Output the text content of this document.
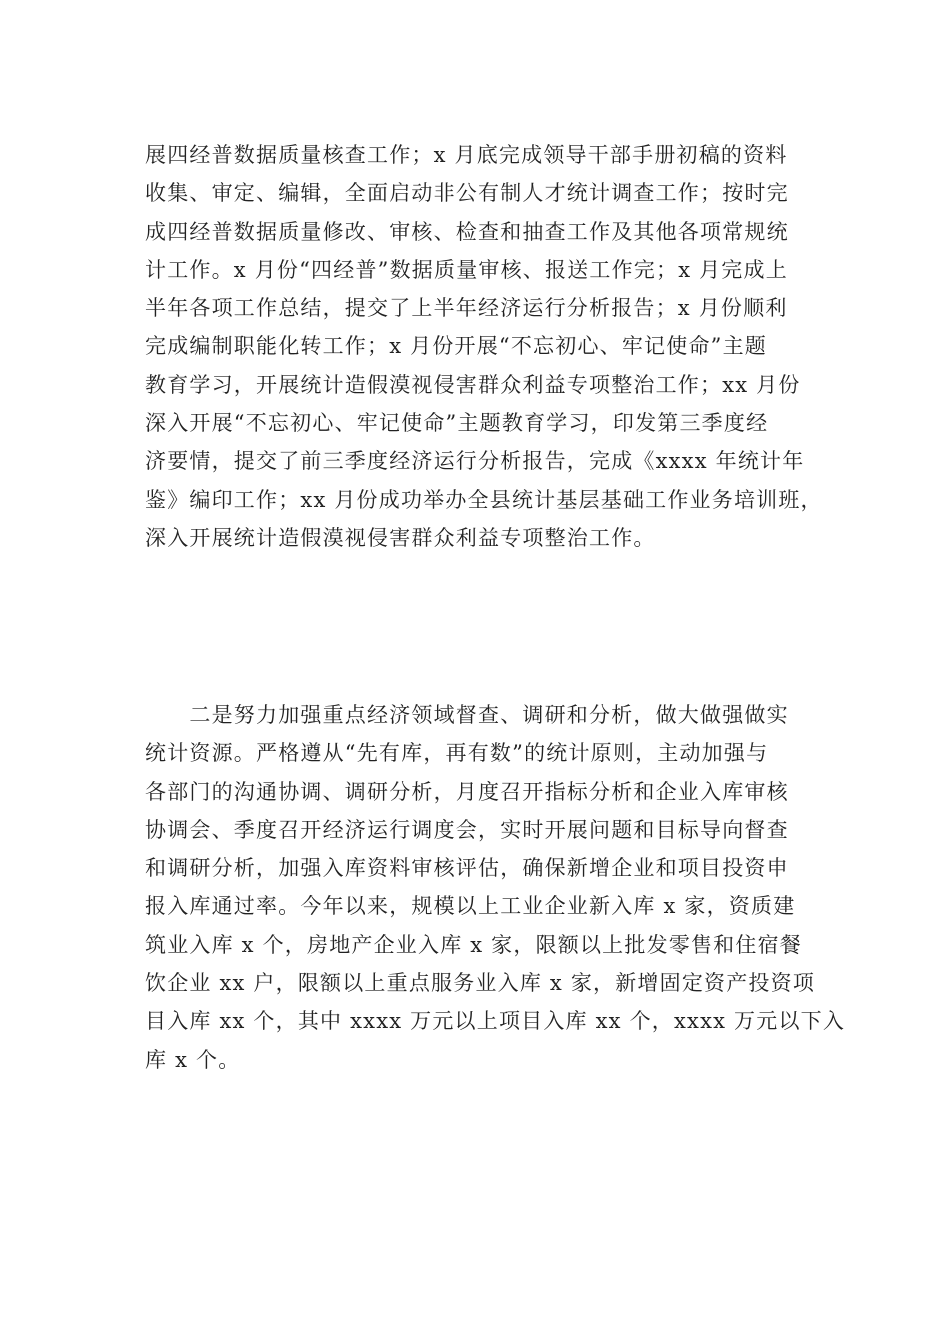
展四经普数据质量核查工作；x 月底完成领导干部手册初稿的资料
收集、审定、编辑，全面启动非公有制人才统计调查工作；按时完
成四经普数据质量修改、审核、检查和抽查工作及其他各项常规统
计工作。x 月份“四经普”数据质量审核、报送工作完；x 月完成上
半年各项工作总结，提交了上半年经济运行分析报告；x 月份顺利
完成编制职能化转工作；x 月份开展“不忘初心、牢记使命”主题
教育学习，开展统计造假漠视侵害群众利益专项整治工作；xx 月份
深入开展“不忘初心、牢记使命”主题教育学习，印发第三季度经
济要情，提交了前三季度经济运行分析报告，完成《xxxx 年统计年
鉴》编印工作；xx 月份成功举办全县统计基层基础工作业务培训班，
深入开展统计造假漠视侵害群众利益专项整治工作。
　　二是努力加强重点经济领域督查、调研和分析，做大做强做实
统计资源。严格遵从“先有库，再有数”的统计原则，主动加强与
各部门的沟通协调、调研分析，月度召开指标分析和企业入库审核
协调会、季度召开经济运行调度会，实时开展问题和目标导向督查
和调研分析，加强入库资料审核评估，确保新增企业和项目投资申
报入库通过率。今年以来，规模以上工业企业新入库 x 家，资质建
筑业入库 x 个，房地产企业入库 x 家，限额以上批发零售和住宿餐
饮企业 xx 户，限额以上重点服务业入库 x 家，新增固定资产投资项
目入库 xx 个，其中 xxxx 万元以上项目入库 xx 个，xxxx 万元以下入
库 x 个。
